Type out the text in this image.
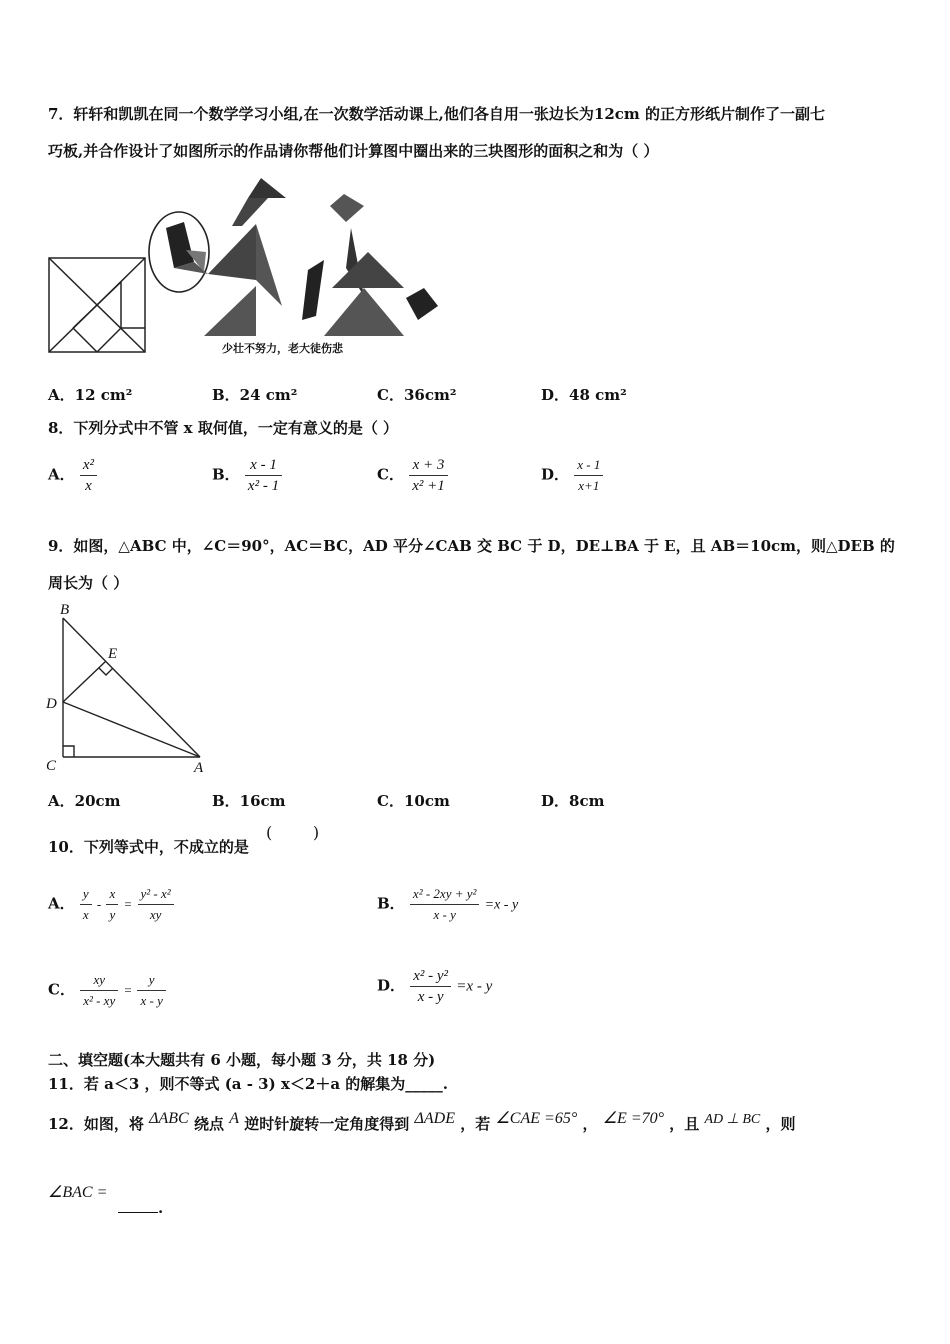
7．轩轩和凯凯在同一个数学学习小组,在一次数学活动课上,他们各自用一张边长为12cm 的正方形纸片制作了一副七
巧板,并合作设计了如图所示的作品请你帮他们计算图中圈出来的三块图形的面积之和为（ ）
少壮不努力，老大徒伤悲
A．12 cm²	B．24 cm²	C．36cm²	D．48 cm²
8．下列分式中不管 x 取何值，一定有意义的是（ ）
A． $\frac{\text{x²}}{x}$	B． $\frac{x - 1}{\text{x² - 1}}$	C． $\frac{x + 3}{\text{x² +1}}$	D． $\frac{x - 1}{x+1}$
9．如图，△ABC 中，∠C＝90°，AC＝BC，AD 平分∠CAB 交 BC 于 D，DE⊥BA 于 E，且 AB＝10cm，则△DEB 的
周长为（ ）
B
E
D
C	A
A．20cm	B．16cm	C．10cm	D．8cm
10．下列等式中，不成立的是
(        )
A． $\frac{y}{x} - \frac{x}{y} = \frac{\text{y² - x²}}{xy}$	B． $\frac{\text{x² - 2xy + y²}}{x - y} =x - y$
C． $\frac{xy}{\text{x² - xy}} = \frac{y}{x - y}$	D． $\frac{\text{x² - y²}}{x - y} =x - y$
二、填空题(本大题共有 6 小题，每小题 3 分，共 18 分)
11．若 a＜3 ，则不等式 (a - 3) x＜2＋a 的解集为_____.
12．如图，将 ΔABC 绕点 A 逆时针旋转一定角度得到 ΔADE ，若 ∠CAE =65° ， ∠E =70° ，且 AD ⊥ BC ，则
∠BAC =
.
